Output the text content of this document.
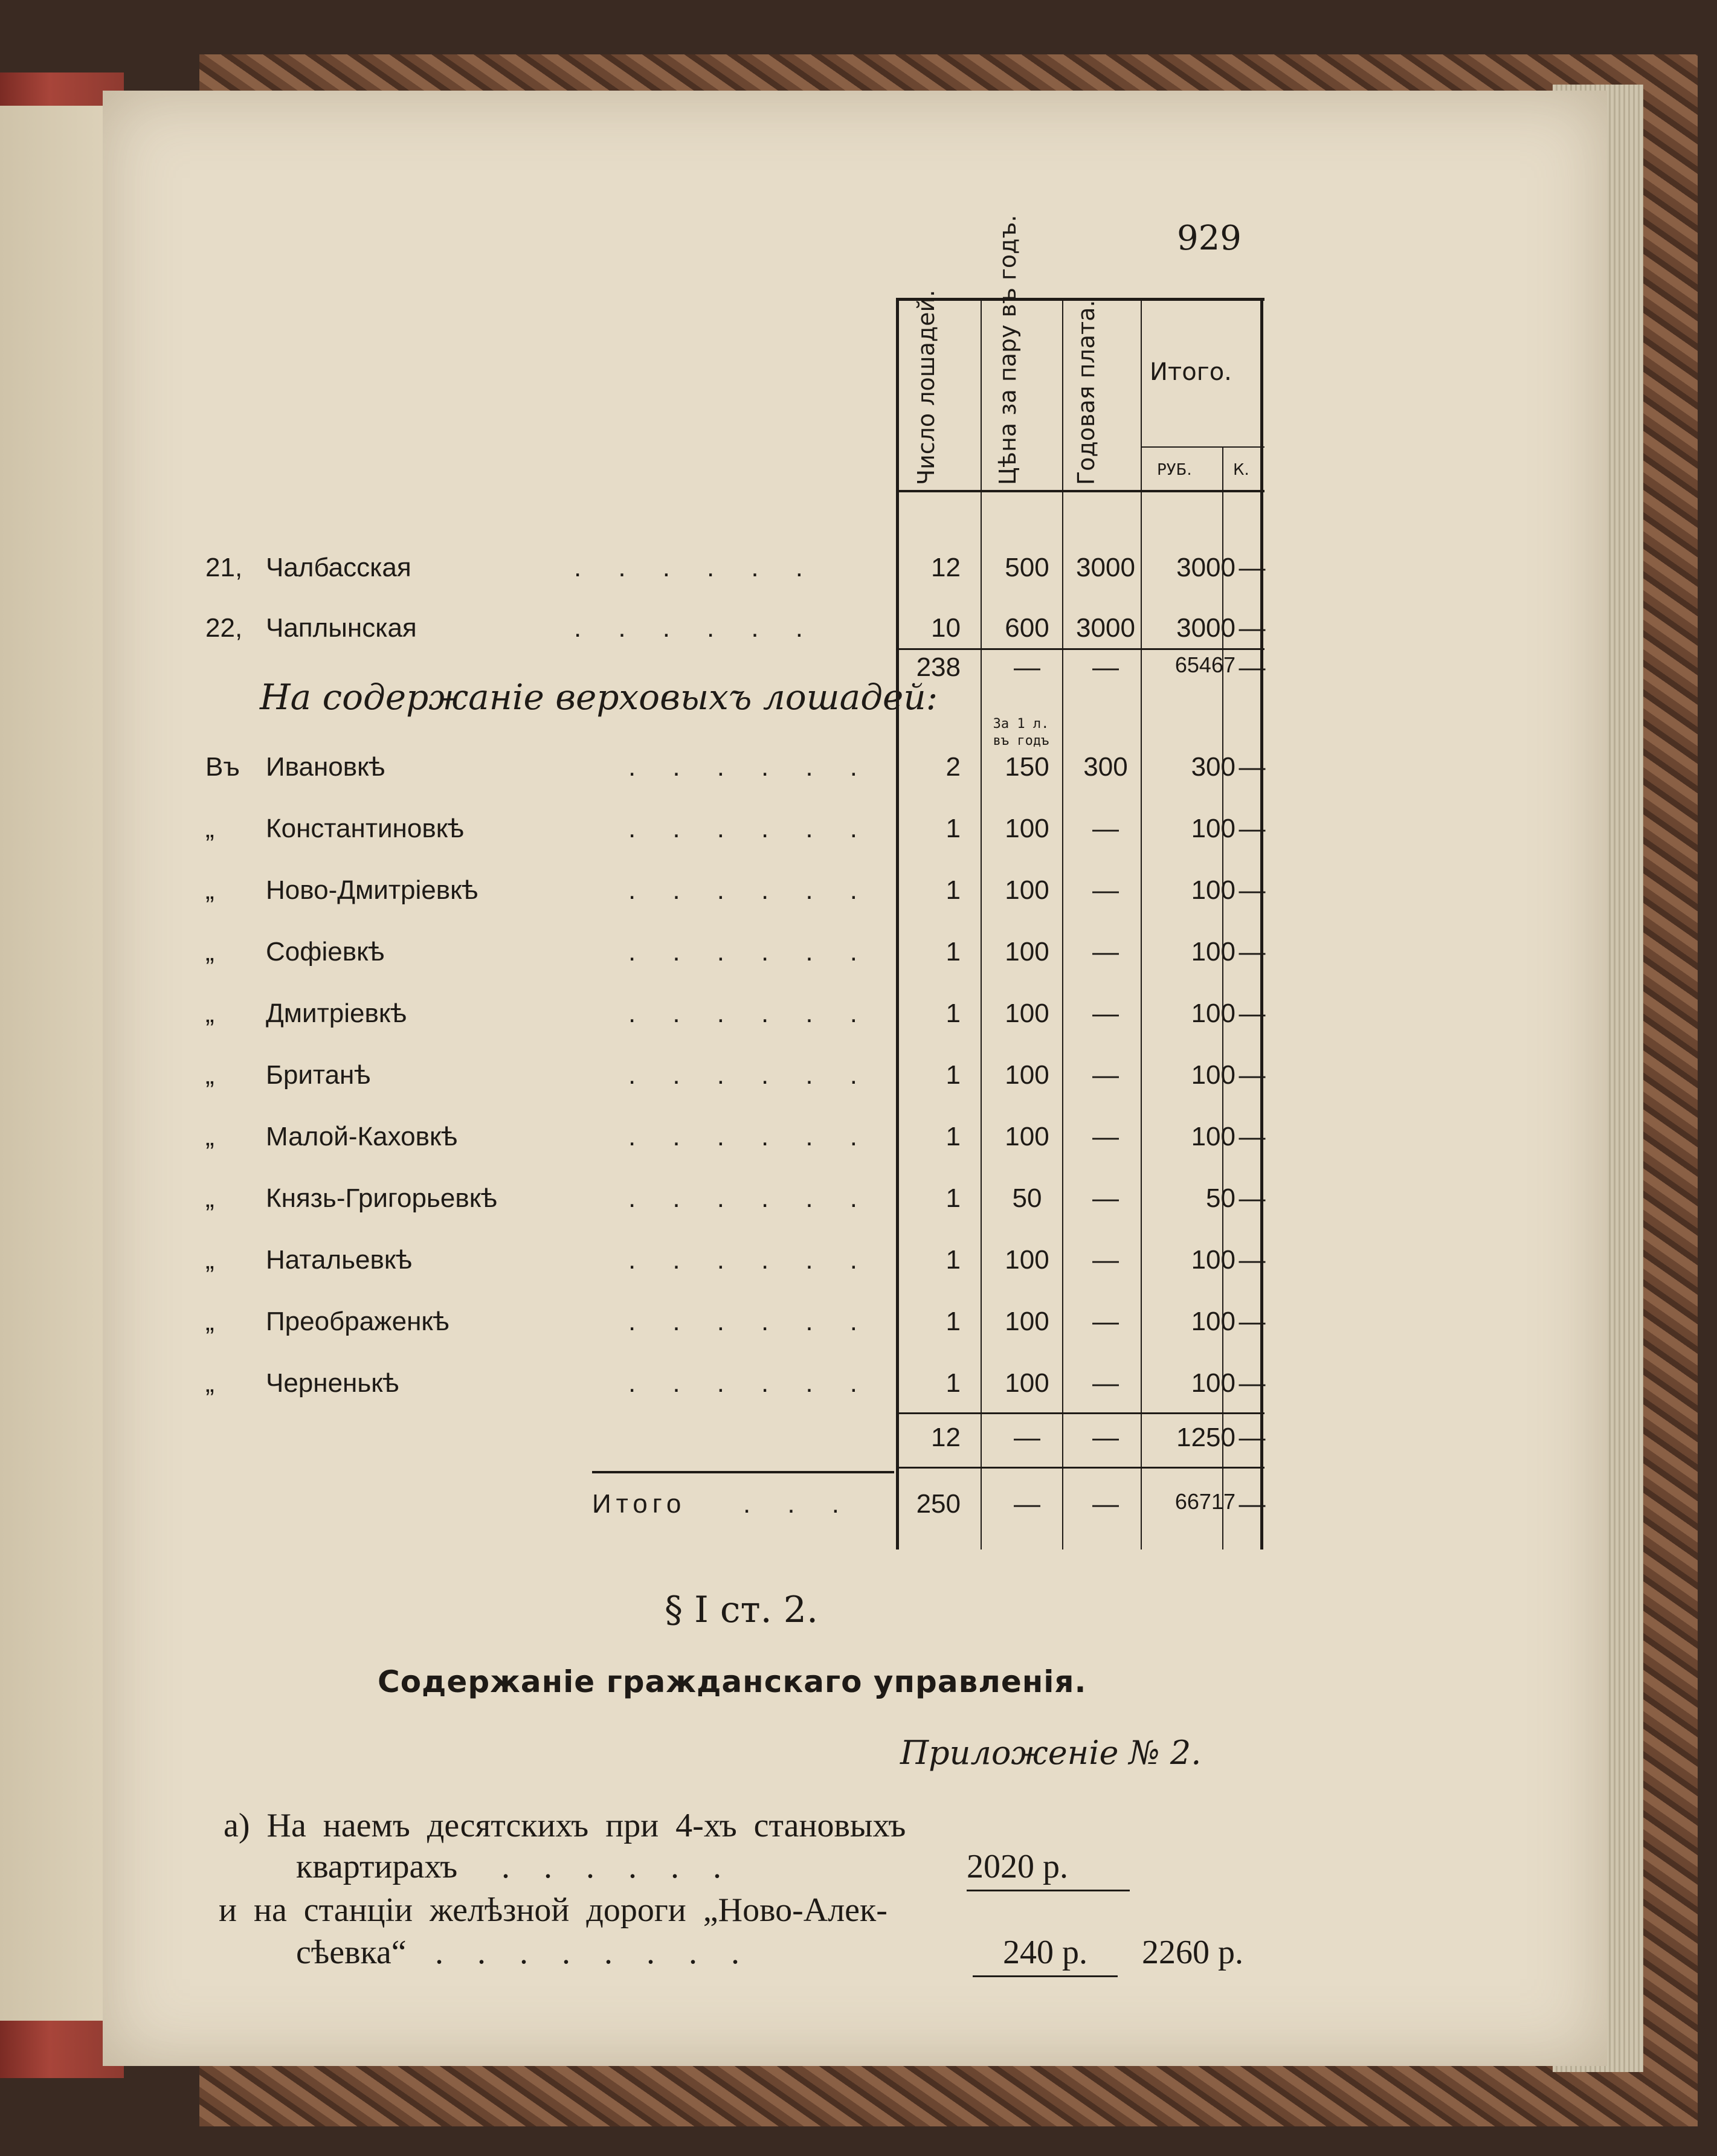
929
Число лошадей. Цѣна за пару въ годъ. Годовая плата. Итого.
РУБ.	К.
21, Чалбасская	.     .     .     .     .     .	12	500	3000	3000 —
22, Чаплынская	.     .     .     .     .     .	10	600	3000	3000 —
238	—	—	65467 —
На содержаніе верховыхъ лошадей:
За 1 л. въ годъ
Въ Ивановкѣ	2	150	300	300 —
.     .     .     .     .     .
„	Константиновкѣ	1	100	—	100 —
.     .     .     .     .     .
„	Ново-Дмитріевкѣ	1	100	—	100 —
.     .     .     .     .     .
„	Софіевкѣ	1	100	—	100 —
.     .     .     .     .     .
„	Дмитріевкѣ	1	100	—	100 —
.     .     .     .     .     .
„	Британѣ	1	100	—	100 —
.     .     .     .     .     .
„	Малой-Каховкѣ	1	100	—	100 —
.     .     .     .     .     .
„	Князь-Григорьевкѣ	1	50	—	50 —
.     .     .     .     .     .
„	Натальевкѣ	1	100	—	100 —
.     .     .     .     .     .
„	Преображенкѣ	1	100	—	100 —
.     .     .     .     .     .
„	Черненькѣ	1	100	—	100 —
.     .     .     .     .     .
12	—	—	1250 —
Итого .     .     .	250	—	—	66717 —
§ I ст. 2.
Содержаніе гражданскаго управленія.
Приложеніе № 2.
а) На наемъ десятскихъ при 4-хъ становыхъ
квартирахъ .    .    .    .    .    .	2020 р.
и на станціи желѣзной дороги „Ново-Алек-
сѣевка“ .    .    .    .    .    .    .    .	240 р. 2260 р.
